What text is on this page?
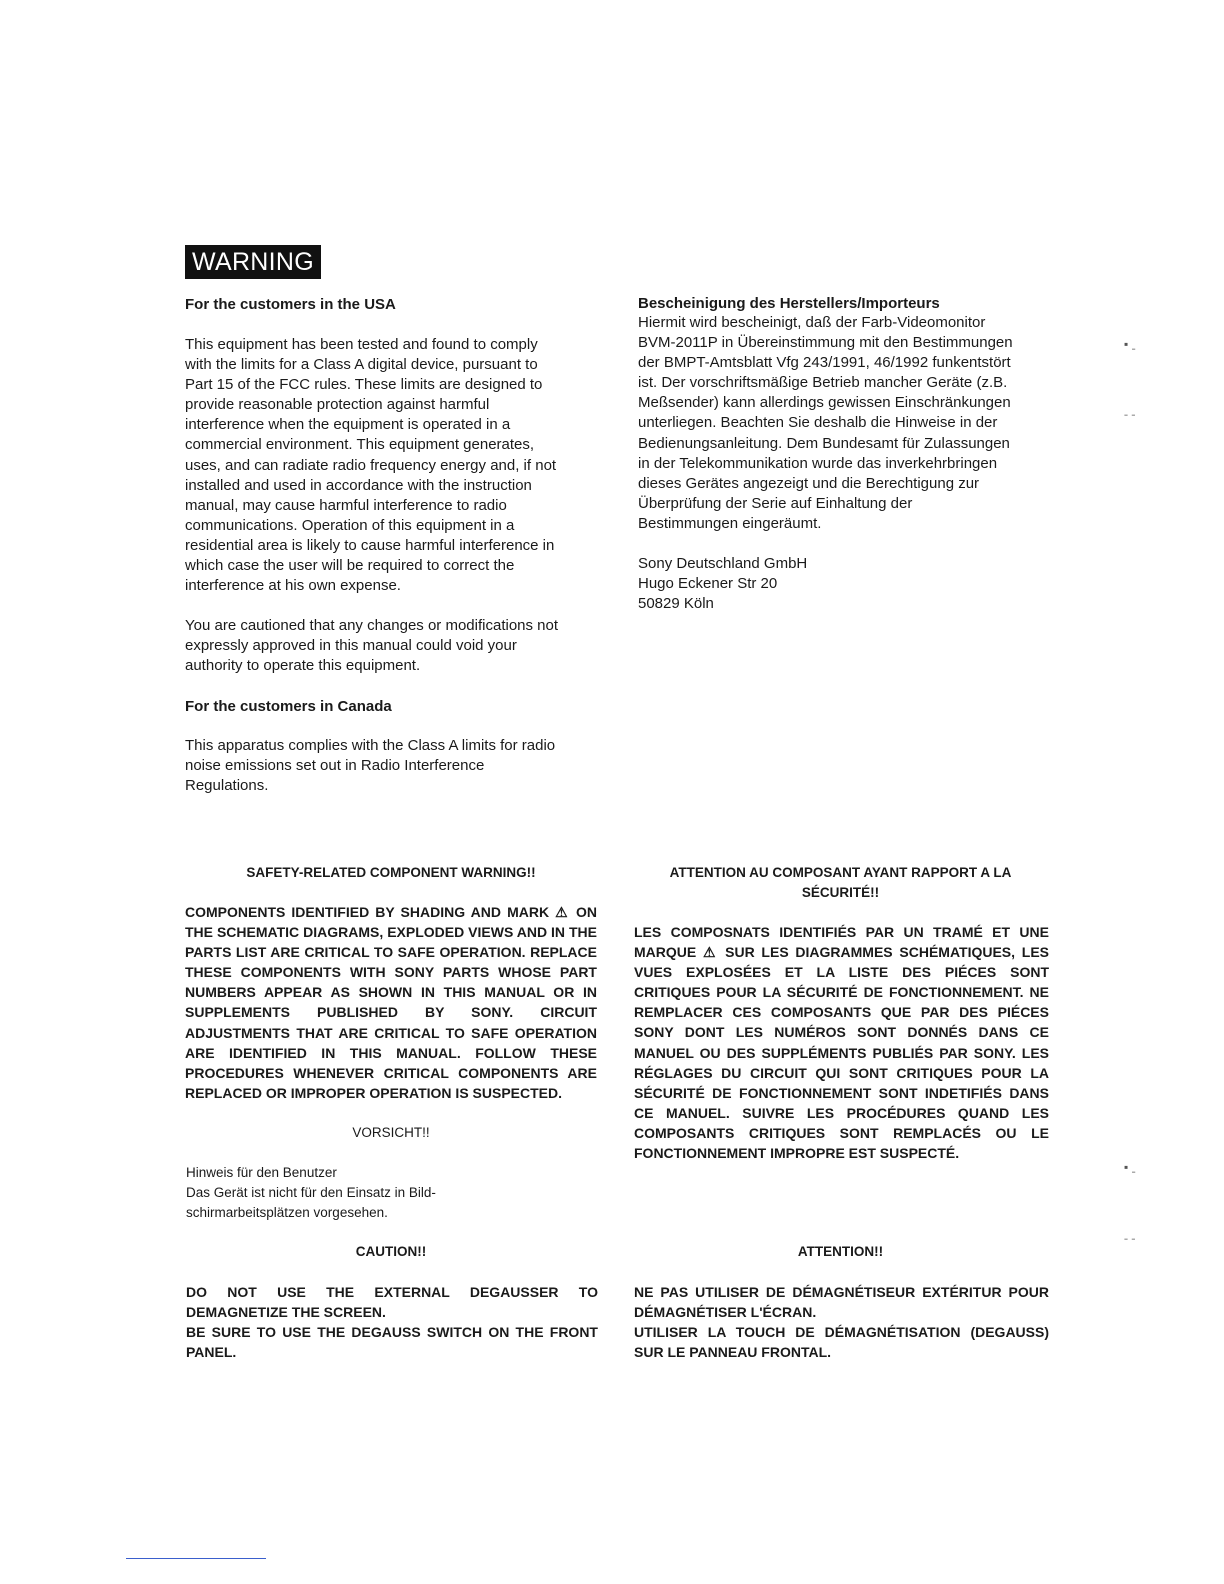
WARNING
For the customers in the USA
This equipment has been tested and found to comply
with the limits for a Class A digital device, pursuant to
Part 15 of the FCC rules. These limits are designed to
provide reasonable protection against harmful
interference when the equipment is operated in a
commercial environment. This equipment generates,
uses, and can radiate radio frequency energy and, if not
installed and used in accordance with the instruction
manual, may cause harmful interference to radio
communications. Operation of this equipment in a
residential area is likely to cause harmful interference in
which case the user will be required to correct the
interference at his own expense.
You are cautioned that any changes or modifications not
expressly approved in this manual could void your
authority to operate this equipment.
For the customers in Canada
This apparatus complies with the Class A limits for radio
noise emissions set out in Radio Interference
Regulations.
Bescheinigung des Herstellers/Importeurs
Hiermit wird bescheinigt, daß der Farb-Videomonitor
BVM-2011P in Übereinstimmung mit den Bestimmungen
der BMPT-Amtsblatt Vfg 243/1991, 46/1992 funkentstört
ist. Der vorschriftsmäßige Betrieb mancher Geräte (z.B.
Meßsender) kann allerdings gewissen Einschränkungen
unterliegen. Beachten Sie deshalb die Hinweise in der
Bedienungsanleitung. Dem Bundesamt für Zulassungen
in der Telekommunikation wurde das inverkehrbringen
dieses Gerätes angezeigt und die Berechtigung zur
Überprüfung der Serie auf Einhaltung der
Bestimmungen eingeräumt.
Sony Deutschland GmbH
Hugo Eckener Str 20
50829 Köln
SAFETY-RELATED COMPONENT WARNING!!
COMPONENTS IDENTIFIED BY SHADING AND MARK ⚠ ON THE SCHEMATIC DIAGRAMS, EXPLODED VIEWS AND IN THE PARTS LIST ARE CRITICAL TO SAFE OPERATION. REPLACE THESE COMPONENTS WITH SONY PARTS WHOSE PART NUMBERS APPEAR AS SHOWN IN THIS MANUAL OR IN SUPPLEMENTS PUBLISHED BY SONY. CIRCUIT ADJUSTMENTS THAT ARE CRITICAL TO SAFE OPERATION ARE IDENTIFIED IN THIS MANUAL. FOLLOW THESE PROCEDURES WHENEVER CRITICAL COMPONENTS ARE REPLACED OR IMPROPER OPERATION IS SUSPECTED.
VORSICHT!!
Hinweis für den Benutzer
Das Gerät ist nicht für den Einsatz in Bild-
schirmarbeitsplätzen vorgesehen.
CAUTION!!
DO NOT USE THE EXTERNAL DEGAUSSER TO DEMAGNETIZE THE SCREEN.
BE SURE TO USE THE DEGAUSS SWITCH ON THE FRONT PANEL.
ATTENTION AU COMPOSANT AYANT RAPPORT A LA
SÉCURITÉ!!
LES COMPOSNATS IDENTIFIÉS PAR UN TRAMÉ ET UNE MARQUE ⚠ SUR LES DIAGRAMMES SCHÉMATIQUES, LES VUES EXPLOSÉES ET LA LISTE DES PIÉCES SONT CRITIQUES POUR LA SÉCURITÉ DE FONCTIONNEMENT. NE REMPLACER CES COMPOSANTS QUE PAR DES PIÉCES SONY DONT LES NUMÉROS SONT DONNÉS DANS CE MANUEL OU DES SUPPLÉMENTS PUBLIÉS PAR SONY. LES RÉGLAGES DU CIRCUIT QUI SONT CRITIQUES POUR LA SÉCURITÉ DE FONCTIONNEMENT SONT INDETIFIÉS DANS CE MANUEL. SUIVRE LES PROCÉDURES QUAND LES COMPOSANTS CRITIQUES SONT REMPLACÉS OU LE FONCTIONNEMENT IMPROPRE EST SUSPECTÉ.
ATTENTION!!
NE PAS UTILISER DE DÉMAGNÉTISEUR EXTÉRITUR POUR DÉMAGNÉTISER L'ÉCRAN.
UTILISER LA TOUCH DE DÉMAGNÉTISATION (DEGAUSS) SUR LE PANNEAU FRONTAL.
▪ ˍ
ˍ ˍ
▪ ˍ
ˍ ˍ
